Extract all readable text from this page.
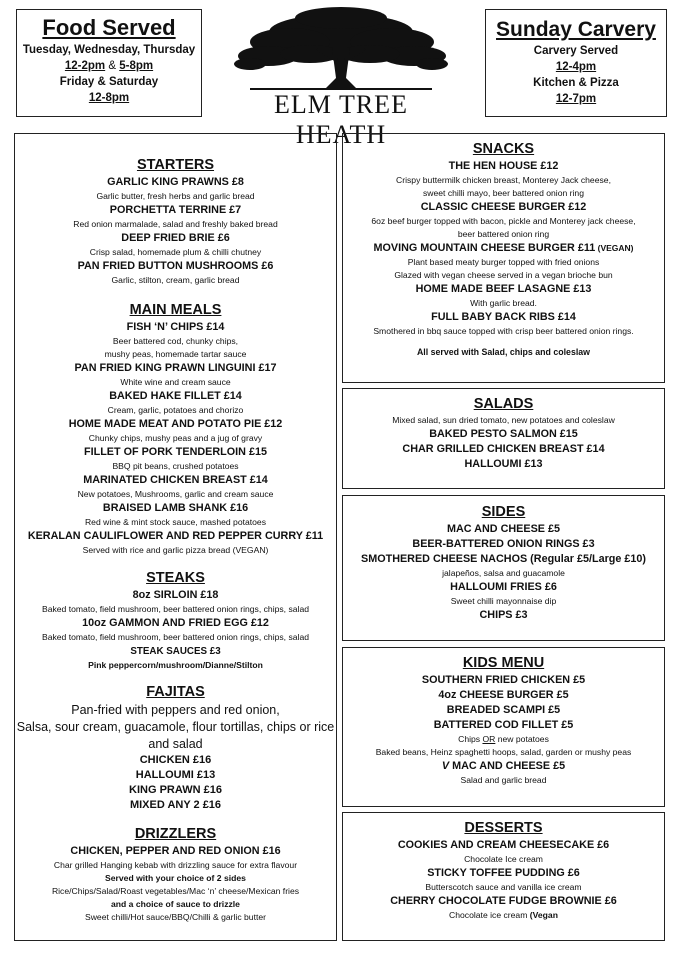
Food Served
Tuesday, Wednesday, Thursday
12-2pm & 5-8pm
Friday & Saturday
12-8pm	ELM TREE HEATH
Sunday Carvery
Carvery Served
12-4pm
Kitchen & Pizza
12-7pm
STARTERS
GARLIC KING PRAWNS £8
Garlic butter, fresh herbs and garlic bread
PORCHETTA TERRINE £7
Red onion marmalade, salad and freshly baked bread
DEEP FRIED BRIE £6
Crisp salad, homemade plum & chilli chutney
PAN FRIED BUTTON MUSHROOMS £6
Garlic, stilton, cream, garlic bread
MAIN MEALS
FISH ‘N’ CHIPS £14
Beer battered cod, chunky chips,
mushy peas, homemade tartar sauce
PAN FRIED KING PRAWN LINGUINI £17
White wine and cream sauce
BAKED HAKE FILLET £14
Cream, garlic, potatoes and chorizo
HOME MADE MEAT AND POTATO PIE £12
Chunky chips, mushy peas and a jug of gravy
FILLET OF PORK TENDERLOIN £15
BBQ pit beans, crushed potatoes
MARINATED CHICKEN BREAST £14
New potatoes, Mushrooms, garlic and cream sauce
BRAISED LAMB SHANK £16
Red wine & mint stock sauce, mashed potatoes
KERALAN CAULIFLOWER AND RED PEPPER CURRY £11
Served with rice and garlic pizza bread (VEGAN)
STEAKS
8oz SIRLOIN £18
Baked tomato, field mushroom, beer battered onion rings, chips, salad
10oz GAMMON AND FRIED EGG £12
Baked tomato, field mushroom, beer battered onion rings, chips, salad
STEAK SAUCES £3
Pink peppercorn/mushroom/Dianne/Stilton
FAJITAS
Pan-fried with peppers and red onion,
Salsa, sour cream, guacamole, flour tortillas, chips or rice
and salad
CHICKEN £16
HALLOUMI £13
KING PRAWN £16
MIXED ANY 2 £16
DRIZZLERS
CHICKEN, PEPPER AND RED ONION £16
Char grilled Hanging kebab with drizzling sauce for extra flavour
Served with your choice of 2 sides
Rice/Chips/Salad/Roast vegetables/Mac ‘n’ cheese/Mexican fries
and a choice of sauce to drizzle
Sweet chilli/Hot sauce/BBQ/Chilli & garlic butter
SNACKS
THE HEN HOUSE £12
Crispy buttermilk chicken breast, Monterey Jack cheese,
sweet chilli mayo, beer battered onion ring
CLASSIC CHEESE BURGER £12
6oz beef burger topped with bacon, pickle and Monterey jack cheese,
beer battered onion ring
MOVING MOUNTAIN CHEESE BURGER £11 (VEGAN)
Plant based meaty burger topped with fried onions
Glazed with vegan cheese served in a vegan brioche bun
HOME MADE BEEF LASAGNE £13
With garlic bread.
FULL BABY BACK RIBS £14
Smothered in bbq sauce topped with crisp beer battered onion rings.
All served with Salad, chips and coleslaw
SALADS
Mixed salad, sun dried tomato, new potatoes and coleslaw
BAKED PESTO SALMON £15
CHAR GRILLED CHICKEN BREAST £14
HALLOUMI £13
SIDES
MAC AND CHEESE £5
BEER-BATTERED ONION RINGS £3
SMOTHERED CHEESE NACHOS (Regular £5/Large £10)
jalapeños, salsa and guacamole
HALLOUMI FRIES £6
Sweet chilli mayonnaise dip
CHIPS £3
KIDS MENU
SOUTHERN FRIED CHICKEN £5
4oz CHEESE BURGER £5
BREADED SCAMPI £5
BATTERED COD FILLET £5
Chips OR new potatoes
Baked beans, Heinz spaghetti hoops, salad, garden or mushy peas
V MAC AND CHEESE £5
Salad and garlic bread
DESSERTS
COOKIES AND CREAM CHEESECAKE £6
Chocolate Ice cream
STICKY TOFFEE PUDDING £6
Butterscotch sauce and vanilla ice cream
CHERRY CHOCOLATE FUDGE BROWNIE £6
Chocolate ice cream (Vegan
